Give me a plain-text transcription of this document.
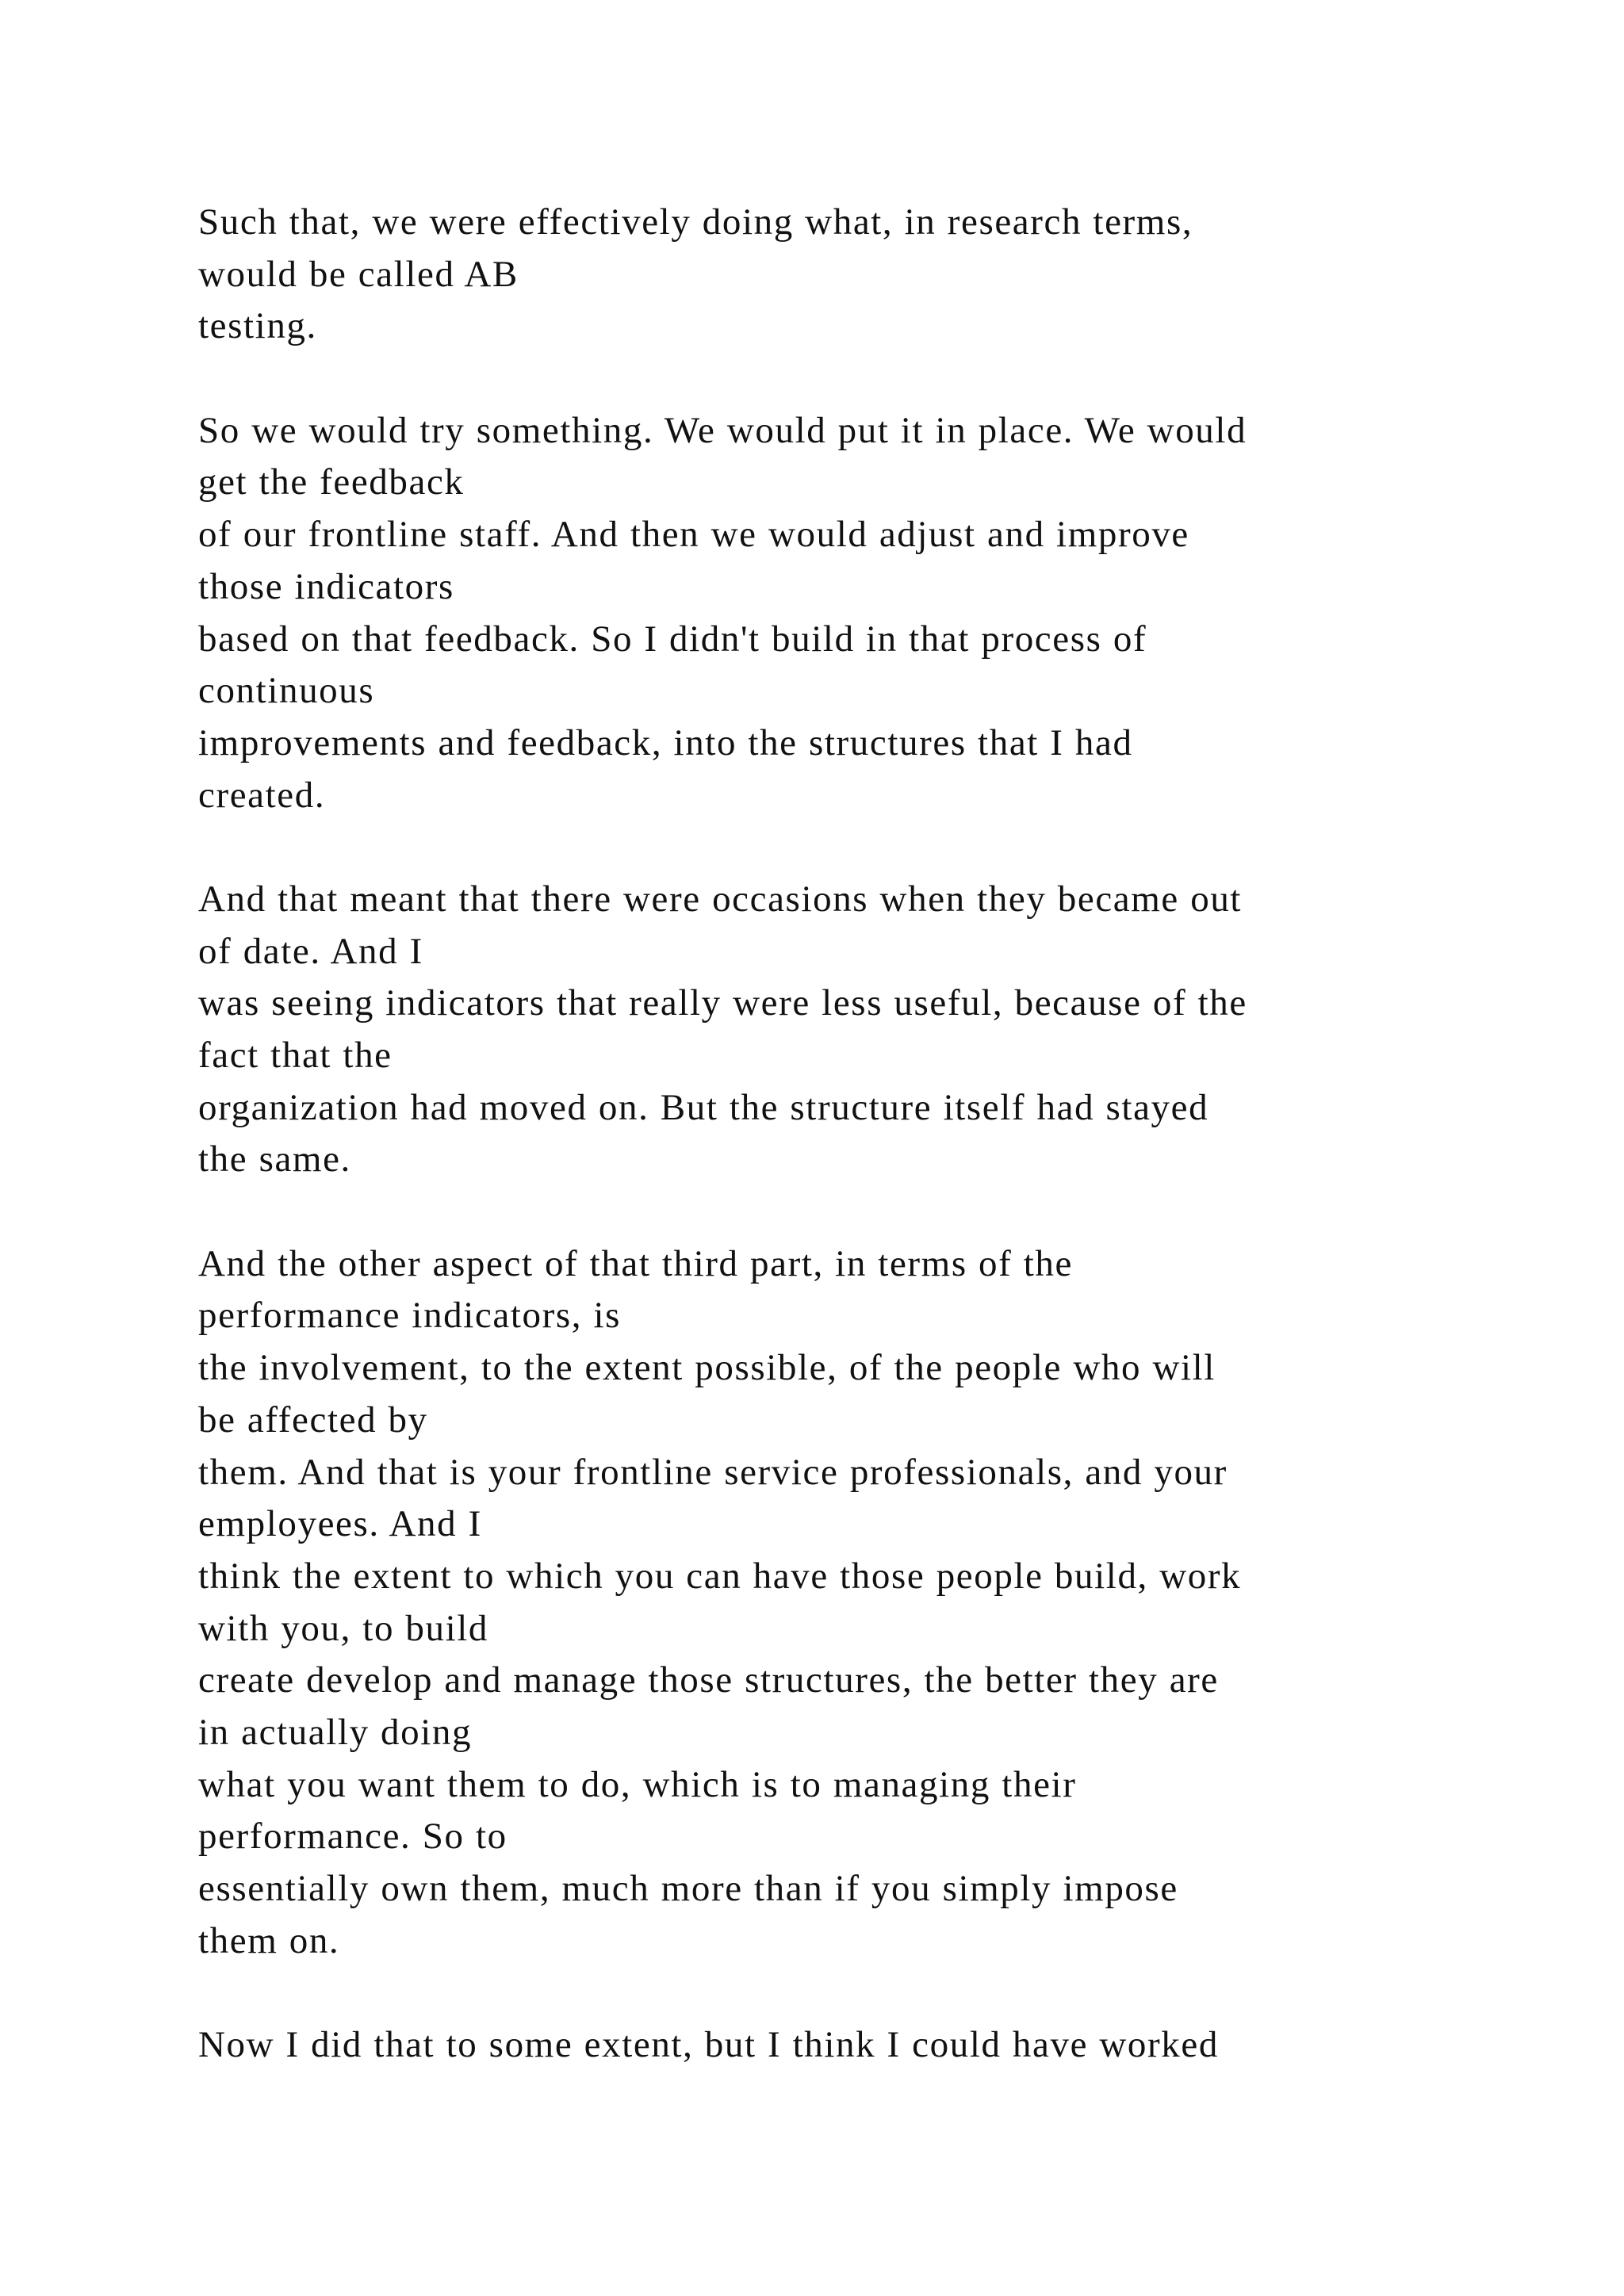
Such that, we were effectively doing what, in research terms,
would be called AB
testing.
So we would try something. We would put it in place. We would
get the feedback
of our frontline staff. And then we would adjust and improve
those indicators
based on that feedback. So I didn't build in that process of
continuous
improvements and feedback, into the structures that I had
created.
And that meant that there were occasions when they became out
of date. And I
was seeing indicators that really were less useful, because of the
fact that the
organization had moved on. But the structure itself had stayed
the same.
And the other aspect of that third part, in terms of the
performance indicators, is
the involvement, to the extent possible, of the people who will
be affected by
them. And that is your frontline service professionals, and your
employees. And I
think the extent to which you can have those people build, work
with you, to build
create develop and manage those structures, the better they are
in actually doing
what you want them to do, which is to managing their
performance. So to
essentially own them, much more than if you simply impose
them on.
Now I did that to some extent, but I think I could have worked
